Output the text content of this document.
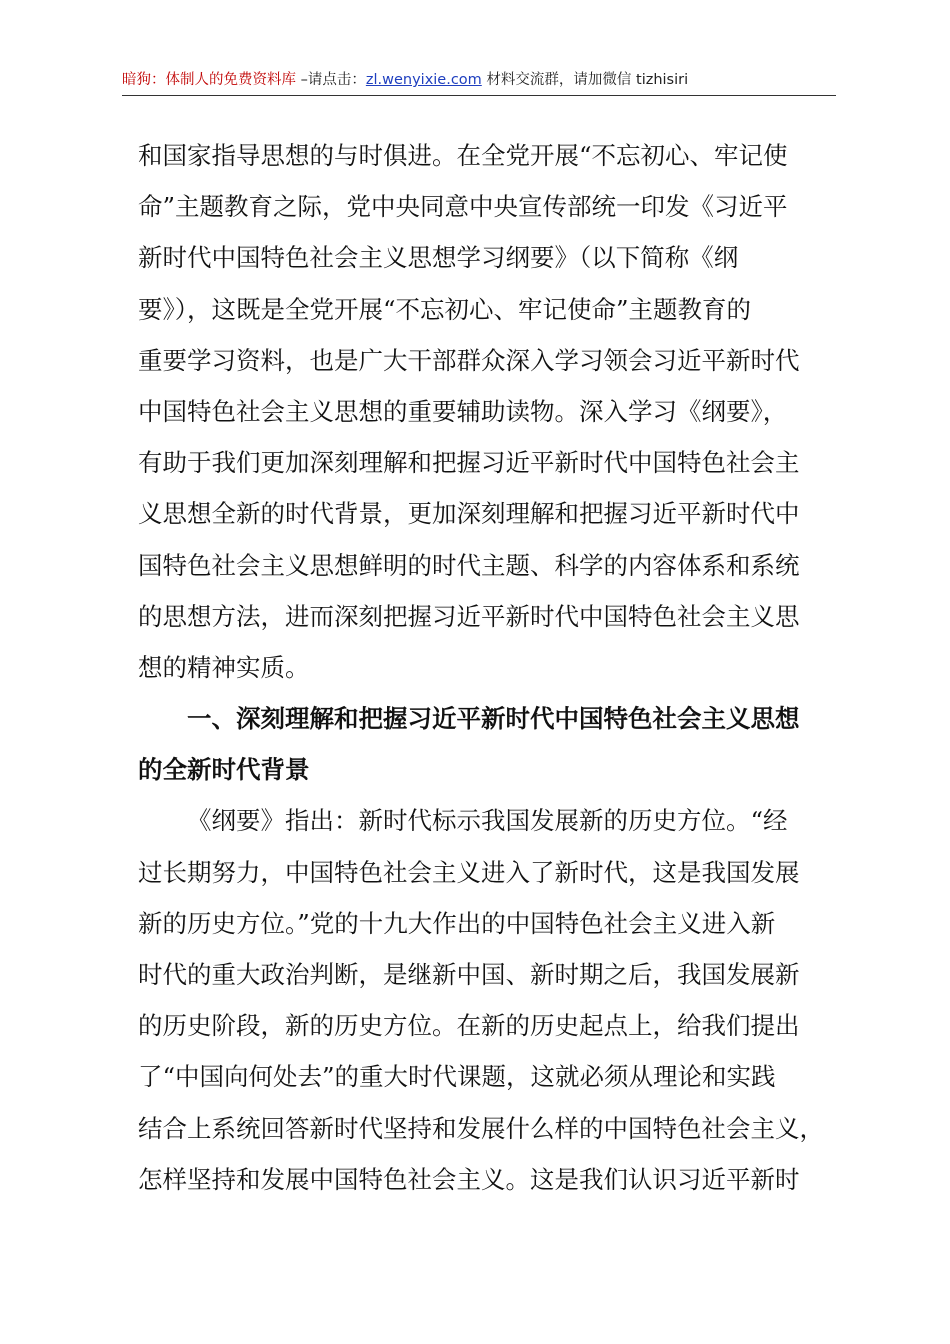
暗狗：体制人的免费资料库 –请点击：zl.wenyixie.com 材料交流群，请加微信 tizhisiri
和国家指导思想的与时俱进。在全党开展“不忘初心、牢记使
命”主题教育之际，党中央同意中央宣传部统一印发《习近平
新时代中国特色社会主义思想学习纲要》（以下简称《纲
要》），这既是全党开展“不忘初心、牢记使命”主题教育的
重要学习资料，也是广大干部群众深入学习领会习近平新时代
中国特色社会主义思想的重要辅助读物。深入学习《纲要》，
有助于我们更加深刻理解和把握习近平新时代中国特色社会主
义思想全新的时代背景，更加深刻理解和把握习近平新时代中
国特色社会主义思想鲜明的时代主题、科学的内容体系和系统
的思想方法，进而深刻把握习近平新时代中国特色社会主义思
想的精神实质。
一、深刻理解和把握习近平新时代中国特色社会主义思想
的全新时代背景
《纲要》指出：新时代标示我国发展新的历史方位。“经
过长期努力，中国特色社会主义进入了新时代，这是我国发展
新的历史方位。”党的十九大作出的中国特色社会主义进入新
时代的重大政治判断，是继新中国、新时期之后，我国发展新
的历史阶段，新的历史方位。在新的历史起点上，给我们提出
了“中国向何处去”的重大时代课题，这就必须从理论和实践
结合上系统回答新时代坚持和发展什么样的中国特色社会主义，
怎样坚持和发展中国特色社会主义。这是我们认识习近平新时
